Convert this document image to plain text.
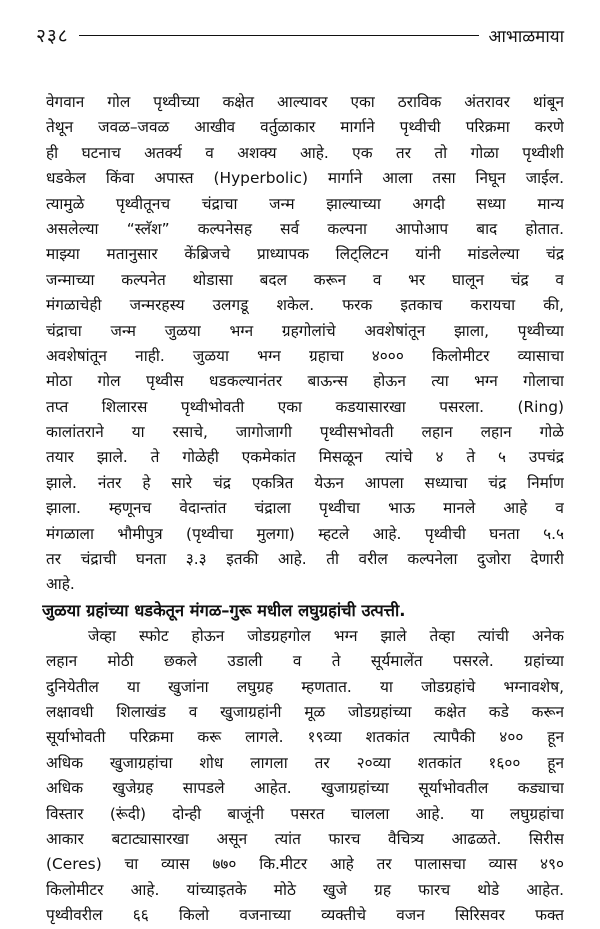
२३८	आभाळमाया
वेगवान गोल पृथ्वीच्या कक्षेत आल्यावर एका ठराविक अंतरावर थांबून
तेथून जवळ–जवळ आखीव वर्तुळाकार मार्गाने पृथ्वीची परिक्रमा करणे
ही घटनाच अतर्क्य व अशक्य आहे. एक तर तो गोळा पृथ्वीशी
धडकेल किंवा अपास्त (Hyperbolic) मार्गाने आला तसा निघून जाईल.
त्यामुळे पृथ्वीतूनच चंद्राचा जन्म झाल्याच्या अगदी सध्या मान्य
असलेल्या “स्लॅश” कल्पनेसह सर्व कल्पना आपोआप बाद होतात.
माझ्या मतानुसार केंब्रिजचे प्राध्यापक लिट्लिटन यांनी मांडलेल्या चंद्र
जन्माच्या कल्पनेत थोडासा बदल करून व भर घालून चंद्र व
मंगळाचेही जन्मरहस्य उलगडू शकेल. फरक इतकाच करायचा की,
चंद्राचा जन्म जुळया भग्न ग्रहगोलांचे अवशेषांतून झाला, पृथ्वीच्या
अवशेषांतून नाही. जुळया भग्न ग्रहाचा ४००० किलोमीटर व्यासाचा
मोठा गोल पृथ्वीस धडकल्यानंतर बाऊन्स होऊन त्या भग्न गोलाचा
तप्त शिलारस पृथ्वीभोवती एका कडयासारखा पसरला. (Ring)
कालांतराने या रसाचे, जागोजागी पृथ्वीसभोवती लहान लहान गोळे
तयार झाले. ते गोळेही एकमेकांत मिसळून त्यांचे ४ ते ५ उपचंद्र
झाले. नंतर हे सारे चंद्र एकत्रित येऊन आपला सध्याचा चंद्र निर्माण
झाला. म्हणूनच वेदान्तांत चंद्राला पृथ्वीचा भाऊ मानले आहे व
मंगळाला भौमीपुत्र (पृथ्वीचा मुलगा) म्हटले आहे. पृथ्वीची घनता ५.५
तर चंद्राची घनता ३.३ इतकी आहे. ती वरील कल्पनेला दुजोरा देणारी
आहे.
जुळया ग्रहांच्या धडकेतून मंगळ–गुरू मधील लघुग्रहांची उत्पत्ती.
जेव्हा स्फोट होऊन जोडग्रहगोल भग्न झाले तेव्हा त्यांची अनेक
लहान मोठी छकले उडाली व ते सूर्यमालेंत पसरले. ग्रहांच्या
दुनियेतील या खुजांना लघुग्रह म्हणतात. या जोडग्रहांचे भग्नावशेष,
लक्षावधी शिलाखंड व खुजाग्रहांनी मूळ जोडग्रहांच्या कक्षेत कडे करून
सूर्याभोवती परिक्रमा करू लागले. १९व्या शतकांत त्यापैकी ४०० हून
अधिक खुजाग्रहांचा शोध लागला तर २०व्या शतकांत १६०० हून
अधिक खुजेग्रह सापडले आहेत. खुजाग्रहांच्या सूर्याभोवतील कड्याचा
विस्तार (रूंदी) दोन्ही बाजूंनी पसरत चालला आहे. या लघुग्रहांचा
आकार बटाट्यासारखा असून त्यांत फारच वैचित्र्य आढळते. सिरीस
(Ceres) चा व्यास ७७० कि.मीटर आहे तर पालासचा व्यास ४९०
किलोमीटर आहे. यांच्याइतके मोठे खुजे ग्रह फारच थोडे आहेत.
पृथ्वीवरील ६६ किलो वजनाच्या व्यक्तीचे वजन सिरिसवर फक्त
